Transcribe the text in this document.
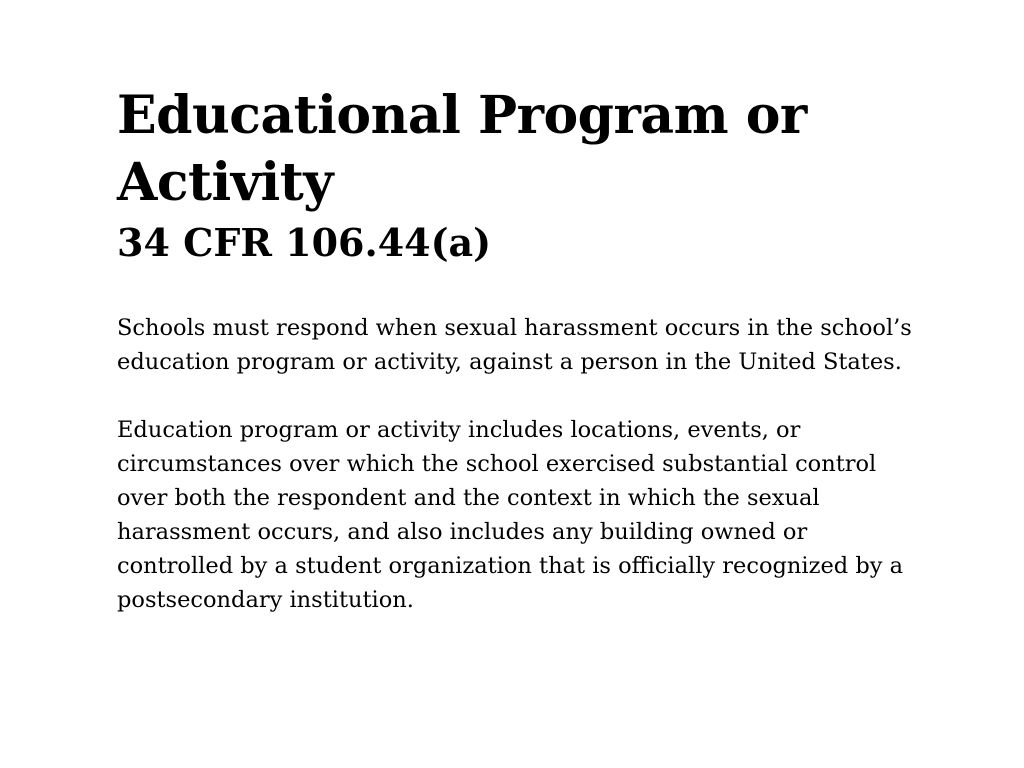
Educational Program or Activity
34 CFR 106.44(a)

Schools must respond when sexual harassment occurs in the school’s education program or activity, against a person in the United States.

Education program or activity includes locations, events, or circumstances over which the school exercised substantial control over both the respondent and the context in which the sexual harassment occurs, and also includes any building owned or controlled by a student organization that is officially recognized by a postsecondary institution.
